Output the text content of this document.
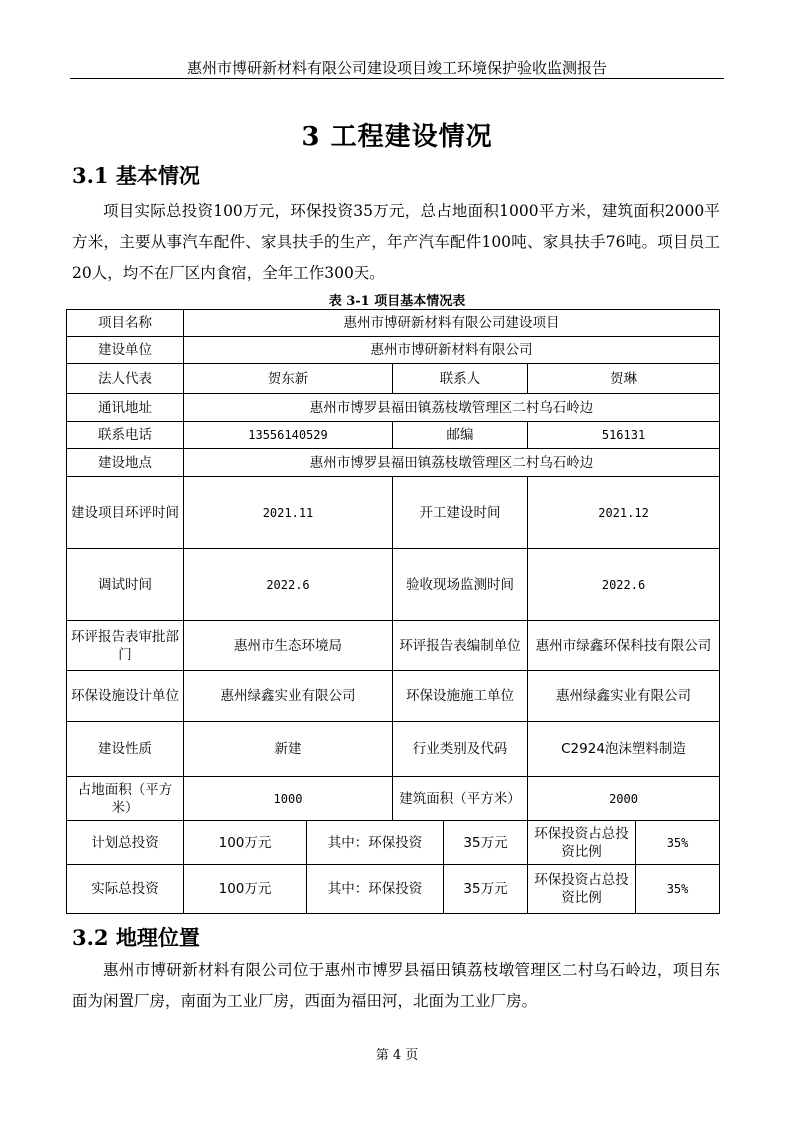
惠州市博研新材料有限公司建设项目竣工环境保护验收监测报告
3 工程建设情况
3.1 基本情况
项目实际总投资100万元，环保投资35万元，总占地面积1000平方米，建筑面积2000平方米，主要从事汽车配件、家具扶手的生产，年产汽车配件100吨、家具扶手76吨。项目员工20人，均不在厂区内食宿，全年工作300天。
表 3-1 项目基本情况表
项目名称	惠州市博研新材料有限公司建设项目					
建设单位	惠州市博研新材料有限公司					
法人代表	贺东新		联系人		贺琳	
通讯地址	惠州市博罗县福田镇荔枝墩管理区二村乌石岭边					
联系电话	13556140529		邮编		516131	
建设地点	惠州市博罗县福田镇荔枝墩管理区二村乌石岭边					
建设项目环评时间	2021.11		开工建设时间		2021.12	
调试时间	2022.6		验收现场监测时间		2022.6	
环评报告表审批部门	惠州市生态环境局		环评报告表编制单位		惠州市绿鑫环保科技有限公司	
环保设施设计单位	惠州绿鑫实业有限公司		环保设施施工单位		惠州绿鑫实业有限公司	
建设性质	新建		行业类别及代码		C2924泡沫塑料制造	
占地面积（平方米）	1000		建筑面积（平方米）		2000	
计划总投资	100万元	其中：环保投资		35万元	环保投资占总投资比例	35%
实际总投资	100万元	其中：环保投资		35万元	环保投资占总投资比例	35%
3.2 地理位置
惠州市博研新材料有限公司位于惠州市博罗县福田镇荔枝墩管理区二村乌石岭边，项目东面为闲置厂房，南面为工业厂房，西面为福田河，北面为工业厂房。
第 4 页
